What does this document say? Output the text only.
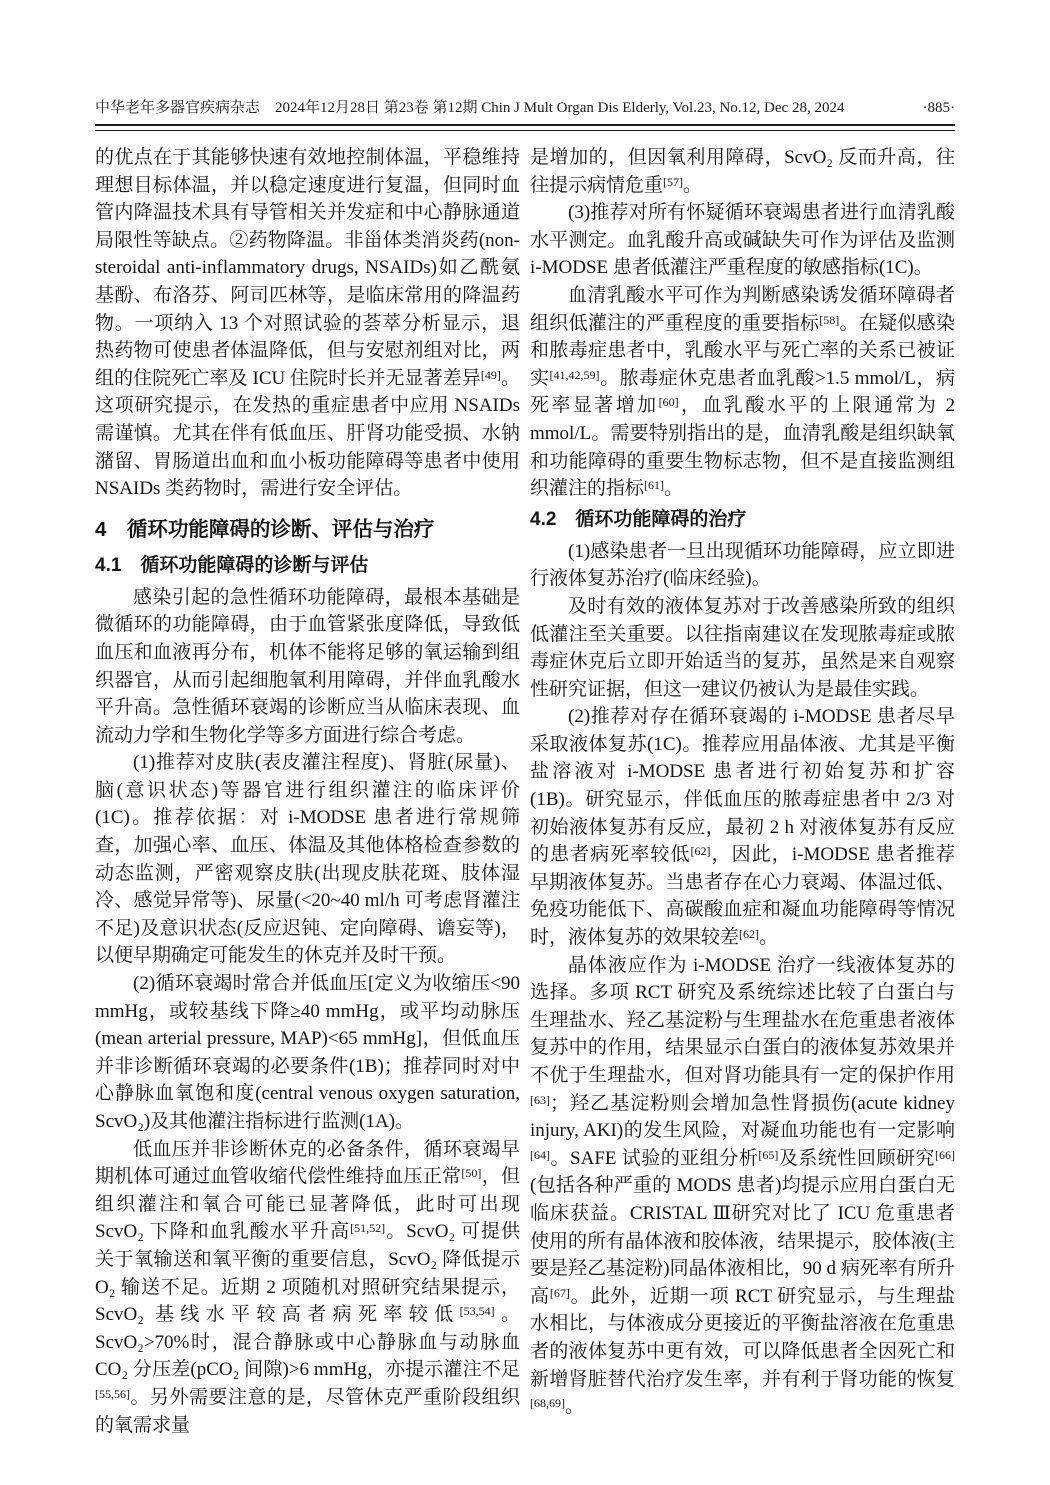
中华老年多器官疾病杂志　2024年12月28日 第23卷 第12期 Chin J Mult Organ Dis Elderly, Vol.23, No.12, Dec 28, 2024	·885·

的优点在于其能够快速有效地控制体温，平稳维持理想目标体温，并以稳定速度进行复温，但同时血管内降温技术具有导管相关并发症和中心静脉通道局限性等缺点。②药物降温。非甾体类消炎药(non-steroidal anti-inflammatory drugs, NSAIDs)如乙酰氨基酚、布洛芬、阿司匹林等，是临床常用的降温药物。一项纳入 13 个对照试验的荟萃分析显示，退热药物可使患者体温降低，但与安慰剂组对比，两组的住院死亡率及 ICU 住院时长并无显著差异[49]。这项研究提示，在发热的重症患者中应用 NSAIDs 需谨慎。尤其在伴有低血压、肝肾功能受损、水钠潴留、胃肠道出血和血小板功能障碍等患者中使用 NSAIDs 类药物时，需进行安全评估。

4　循环功能障碍的诊断、评估与治疗
4.1　循环功能障碍的诊断与评估

感染引起的急性循环功能障碍，最根本基础是微循环的功能障碍，由于血管紧张度降低，导致低血压和血液再分布，机体不能将足够的氧运输到组织器官，从而引起细胞氧利用障碍，并伴血乳酸水平升高。急性循环衰竭的诊断应当从临床表现、血流动力学和生物化学等多方面进行综合考虑。

(1)推荐对皮肤(表皮灌注程度)、肾脏(尿量)、脑(意识状态)等器官进行组织灌注的临床评价(1C)。推荐依据：对 i-MODSE 患者进行常规筛查，加强心率、血压、体温及其他体格检查参数的动态监测，严密观察皮肤(出现皮肤花斑、肢体湿冷、感觉异常等)、尿量(<20~40 ml/h 可考虑肾灌注不足)及意识状态(反应迟钝、定向障碍、谵妄等)，以便早期确定可能发生的休克并及时干预。

(2)循环衰竭时常合并低血压[定义为收缩压<90 mmHg，或较基线下降≥40 mmHg，或平均动脉压(mean arterial pressure, MAP)<65 mmHg]，但低血压并非诊断循环衰竭的必要条件(1B)；推荐同时对中心静脉血氧饱和度(central venous oxygen saturation, ScvO₂)及其他灌注指标进行监测(1A)。

低血压并非诊断休克的必备条件，循环衰竭早期机体可通过血管收缩代偿性维持血压正常[50]，但组织灌注和氧合可能已显著降低，此时可出现 ScvO₂ 下降和血乳酸水平升高[51,52]。ScvO₂ 可提供关于氧输送和氧平衡的重要信息，ScvO₂ 降低提示 O₂ 输送不足。近期 2 项随机对照研究结果提示，ScvO₂ 基线水平较高者病死率较低[53,54]。ScvO₂>70%时，混合静脉或中心静脉血与动脉血 CO₂ 分压差(pCO₂ 间隙)>6 mmHg，亦提示灌注不足[55,56]。另外需要注意的是，尽管休克严重阶段组织的氧需求量

是增加的，但因氧利用障碍，ScvO₂ 反而升高，往往提示病情危重[57]。

(3)推荐对所有怀疑循环衰竭患者进行血清乳酸水平测定。血乳酸升高或碱缺失可作为评估及监测 i-MODSE 患者低灌注严重程度的敏感指标(1C)。

血清乳酸水平可作为判断感染诱发循环障碍者组织低灌注的严重程度的重要指标[58]。在疑似感染和脓毒症患者中，乳酸水平与死亡率的关系已被证实[41,42,59]。脓毒症休克患者血乳酸>1.5 mmol/L，病死率显著增加[60]，血乳酸水平的上限通常为 2 mmol/L。需要特别指出的是，血清乳酸是组织缺氧和功能障碍的重要生物标志物，但不是直接监测组织灌注的指标[61]。

4.2　循环功能障碍的治疗

(1)感染患者一旦出现循环功能障碍，应立即进行液体复苏治疗(临床经验)。

及时有效的液体复苏对于改善感染所致的组织低灌注至关重要。以往指南建议在发现脓毒症或脓毒症休克后立即开始适当的复苏，虽然是来自观察性研究证据，但这一建议仍被认为是最佳实践。

(2)推荐对存在循环衰竭的 i-MODSE 患者尽早采取液体复苏(1C)。推荐应用晶体液、尤其是平衡盐溶液对 i-MODSE 患者进行初始复苏和扩容(1B)。研究显示，伴低血压的脓毒症患者中 2/3 对初始液体复苏有反应，最初 2 h 对液体复苏有反应的患者病死率较低[62]，因此，i-MODSE 患者推荐早期液体复苏。当患者存在心力衰竭、体温过低、免疫功能低下、高碳酸血症和凝血功能障碍等情况时，液体复苏的效果较差[62]。

晶体液应作为 i-MODSE 治疗一线液体复苏的选择。多项 RCT 研究及系统综述比较了白蛋白与生理盐水、羟乙基淀粉与生理盐水在危重患者液体复苏中的作用，结果显示白蛋白的液体复苏效果并不优于生理盐水，但对肾功能具有一定的保护作用[63]；羟乙基淀粉则会增加急性肾损伤(acute kidney injury, AKI)的发生风险，对凝血功能也有一定影响[64]。SAFE 试验的亚组分析[65]及系统性回顾研究[66](包括各种严重的 MODS 患者)均提示应用白蛋白无临床获益。CRISTAL Ⅲ研究对比了 ICU 危重患者使用的所有晶体液和胶体液，结果提示，胶体液(主要是羟乙基淀粉)同晶体液相比，90 d 病死率有所升高[67]。此外，近期一项 RCT 研究显示，与生理盐水相比，与体液成分更接近的平衡盐溶液在危重患者的液体复苏中更有效，可以降低患者全因死亡和新增肾脏替代治疗发生率，并有利于肾功能的恢复[68,69]。
